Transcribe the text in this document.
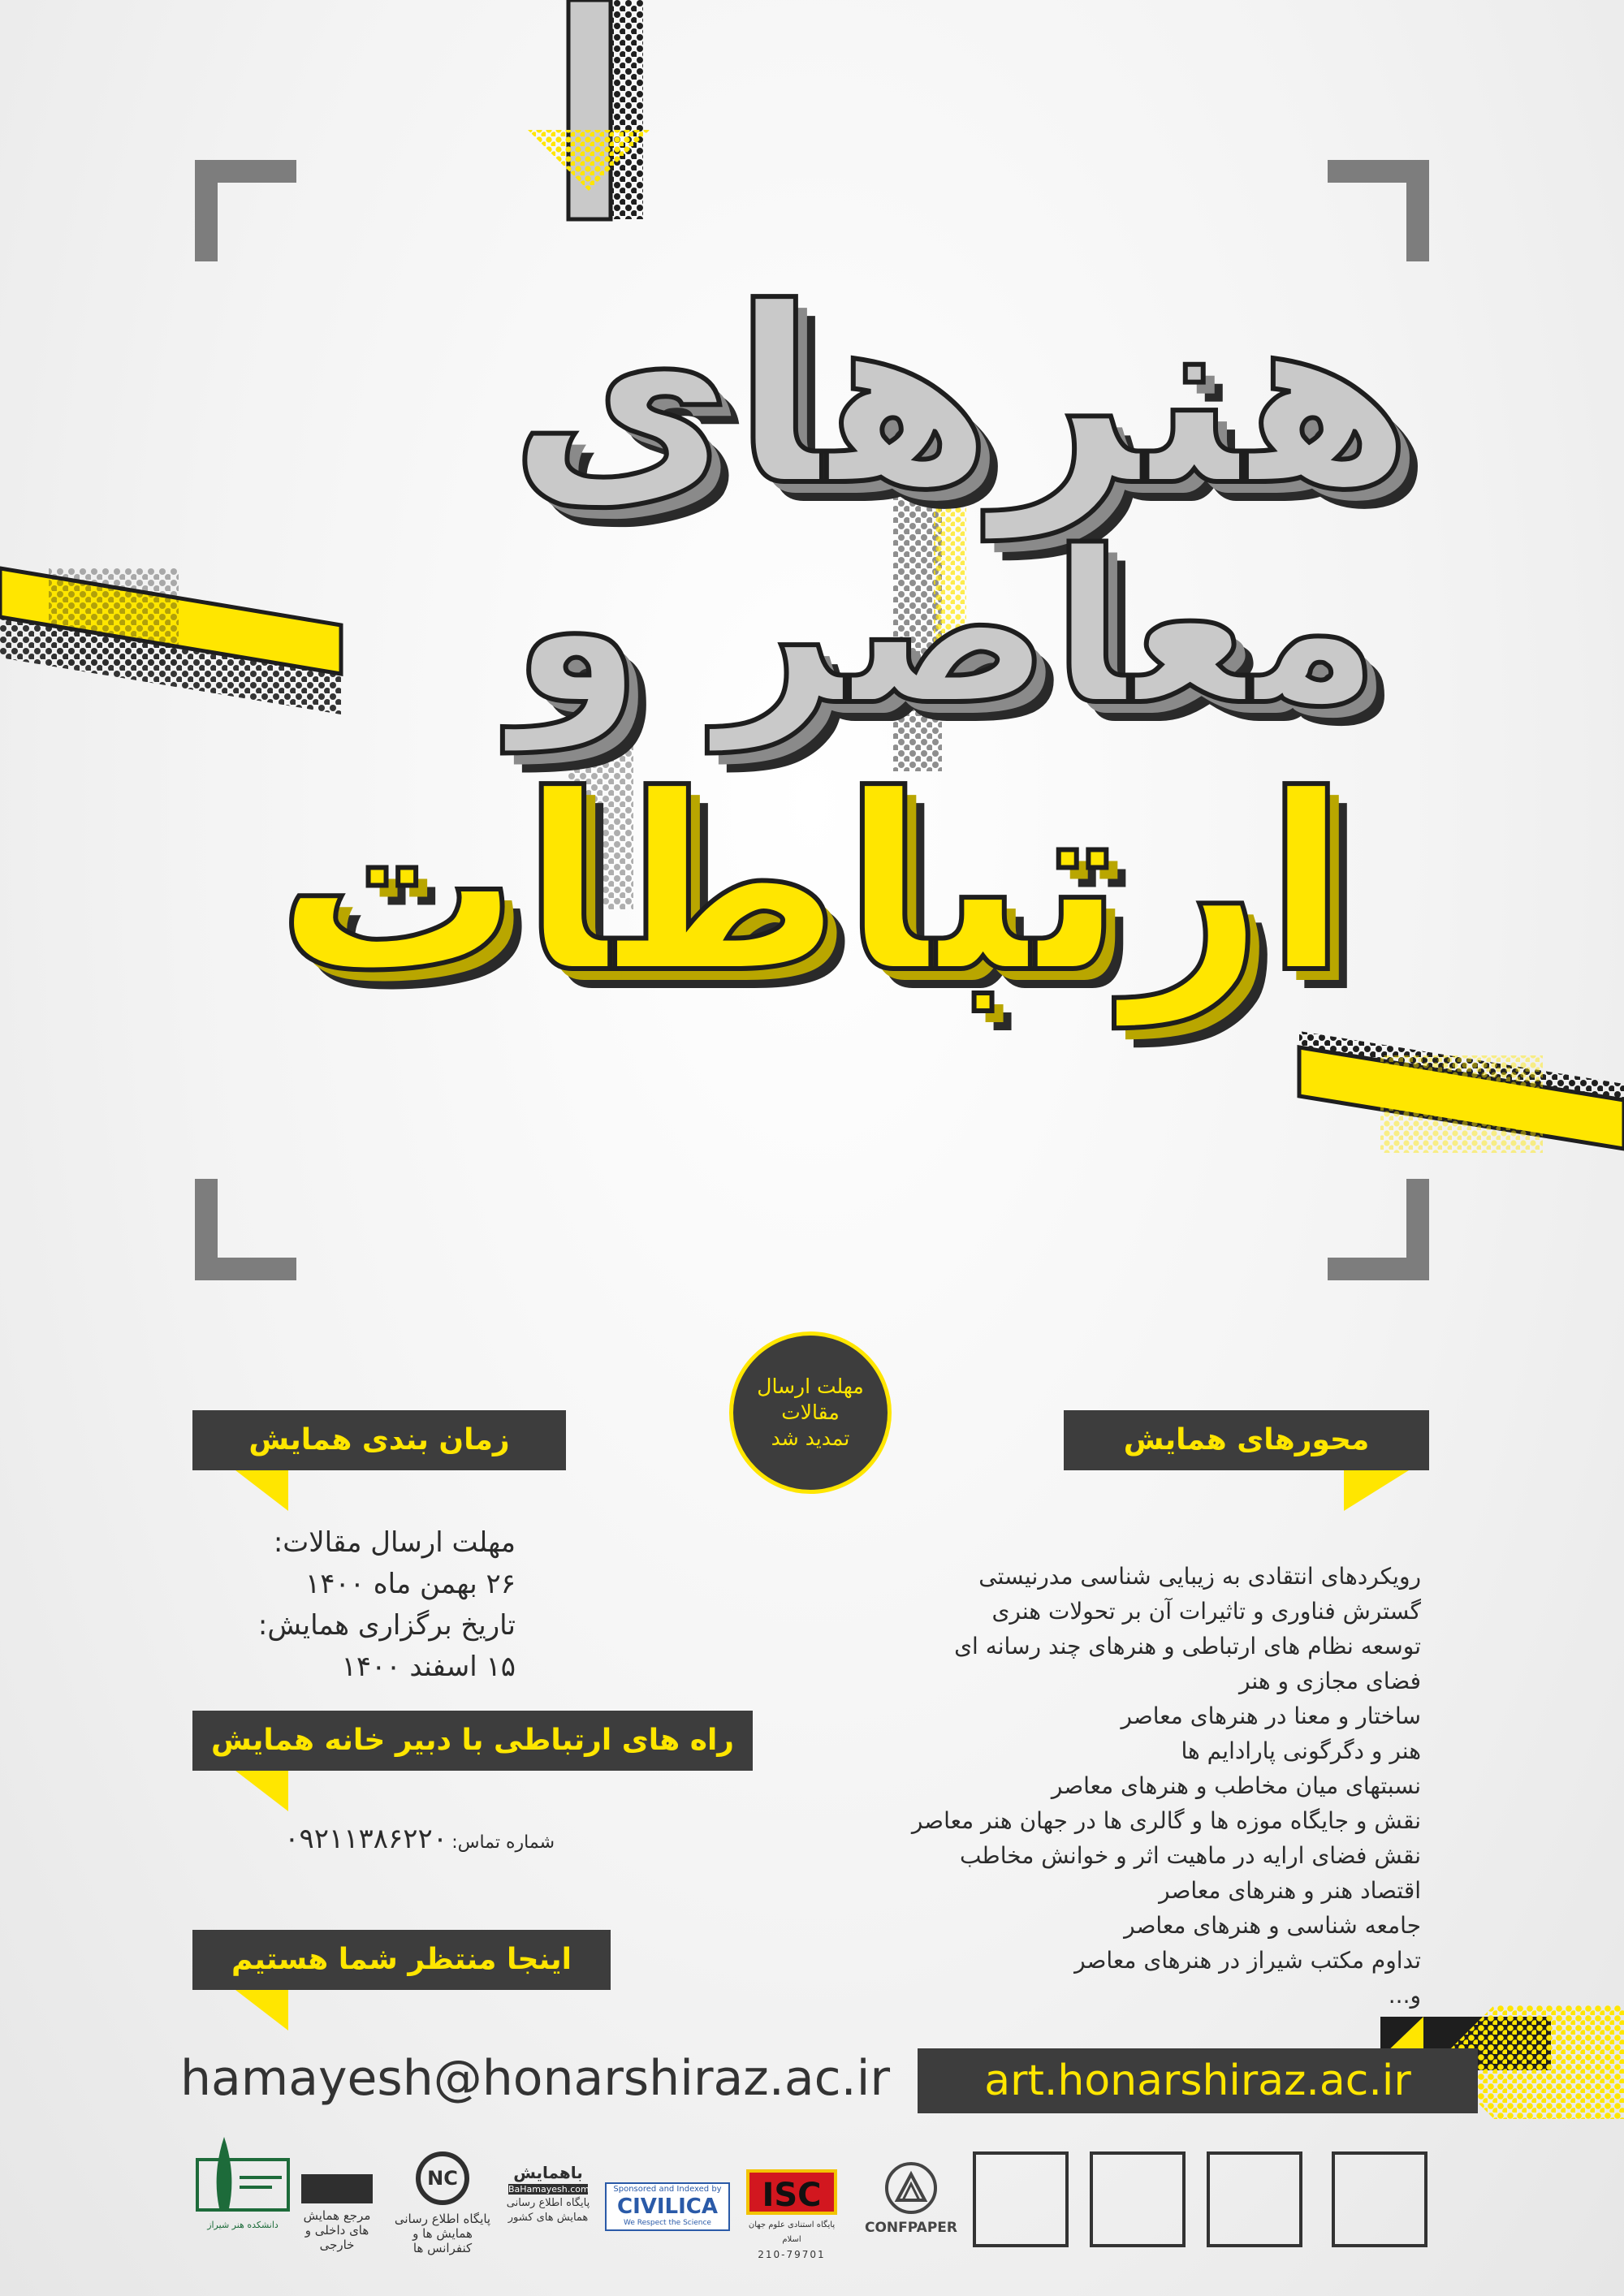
هنرهای
معاصر و
ارتباطات
مهلت ارسال
مقالات
تمدید شد
زمان بندی همایش
مهلت ارسال مقالات:
۲۶ بهمن ماه ۱۴۰۰
تاریخ برگزاری همایش:
۱۵ اسفند ۱۴۰۰
راه های ارتباطی با دبیر خانه همایش
شماره تماس: ۰۹۲۱۱۳۸۶۲۲۰
اینجا منتظر شما هستیم
محورهای همایش
رویکردهای انتقادی به زیبایی شناسی مدرنیستی
گسترش فناوری و تاثیرات آن بر تحولات هنری
توسعه نظام های ارتباطی و هنرهای چند رسانه ای
فضای مجازی و هنر
ساختار و معنا در هنرهای معاصر
هنر و دگرگونی پارادایم ها
نسبتهای میان مخاطب و هنرهای معاصر
نقش و جایگاه موزه ها و گالری ها در جهان هنر معاصر
نقش فضای ارایه در ماهیت اثر و خوانش مخاطب
اقتصاد هنر و هنرهای معاصر
جامعه شناسی و هنرهای معاصر
تداوم مکتب شیراز در هنرهای معاصر
و...
hamayesh@honarshiraz.ac.ir	art.honarshiraz.ac.ir
دانشکده هنر شیراز
مرجع همایش های داخلی و خارجی
NC
پایگاه اطلاع رسانی همایش ها و کنفرانس ها
باهمایش
BaHamayesh.com
پایگاه اطلاع رسانی همایش های کشور
Sponsored and Indexed by
CIVILICA
We Respect the Science
ISC
پایگاه استنادی علوم جهان اسلام
210-79701
CONFPAPER
